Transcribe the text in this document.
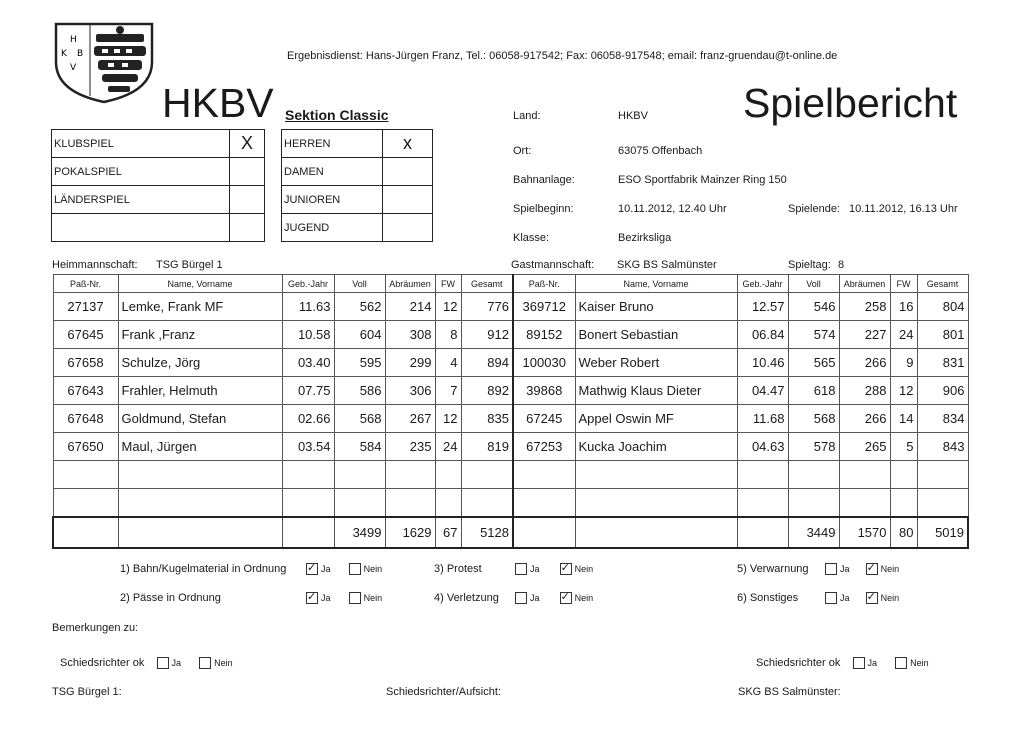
H
K B
V
HKBV Sektion Classic
Ergebnisdienst: Hans-Jürgen Franz, Tel.: 06058-917542; Fax: 06058-917548; email: franz-gruendau@t-online.de
Spielbericht
KLUBSPIEL	X
POKALSPIEL	
LÄNDERSPIEL	

HERREN	x
DAMEN	
JUNIOREN	
JUGEND	
Land:	HKBV
Ort:	63075 Offenbach
Bahnanlage:	ESO Sportfabrik Mainzer Ring 150
Spielbeginn:	10.11.2012, 12.40 Uhr	Spielende: 10.11.2012, 16.13 Uhr
Klasse:	Bezirksliga
Heimmannschaft: TSG Bürgel 1	Gastmannschaft: SKG BS Salmünster	Spieltag: 8
Paß-Nr.	Name, Vorname	Geb.-Jahr	Voll	Abräumen	FW	Gesamt	Paß-Nr.	Name, Vorname	Geb.-Jahr	Voll	Abräumen	FW	Gesamt
27137	Lemke, Frank MF	11.63	562	214	12	776	369712	Kaiser Bruno	12.57	546	258	16	804
67645	Frank ,Franz	10.58	604	308	8	912	89152	Bonert Sebastian	06.84	574	227	24	801
67658	Schulze, Jörg	03.40	595	299	4	894	100030	Weber Robert	10.46	565	266	9	831
67643	Frahler, Helmuth	07.75	586	306	7	892	39868	Mathwig Klaus Dieter	04.47	618	288	12	906
67648	Goldmund, Stefan	02.66	568	267	12	835	67245	Appel Oswin MF	11.68	568	266	14	834
67650	Maul, Jürgen	03.54	584	235	24	819	67253	Kucka Joachim	04.63	578	265	5	843

			3499	1629	67	5128				3449	1570	80	5019
1) Bahn/Kugelmaterial in Ordnung ✓	Ja	Nein
2) Pässe in Ordnung ✓	Ja	Nein
3) Protest	Ja ✓	Nein
4) Verletzung	Ja ✓	Nein
5) Verwarnung	Ja ✓	Nein
6) Sonstiges	Ja ✓	Nein
Bemerkungen zu:
Schiedsrichter ok	Ja	Nein	Schiedsrichter ok	Ja	Nein
TSG Bürgel 1:	Schiedsrichter/Aufsicht:	SKG BS Salmünster:
